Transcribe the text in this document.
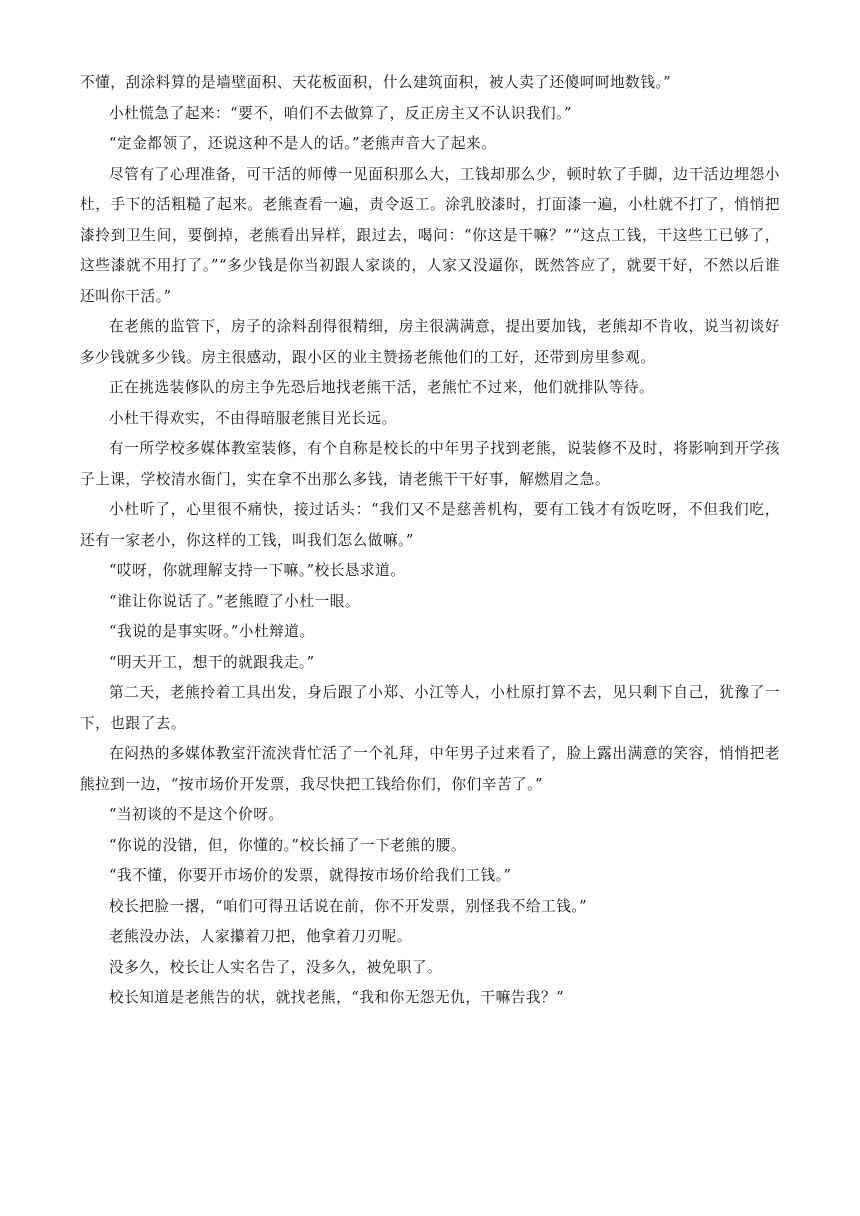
不懂，刮涂料算的是墙壁面积、天花板面积，什么建筑面积，被人卖了还傻呵呵地数钱。”

小杜慌急了起来：“要不，咱们不去做算了，反正房主又不认识我们。”

“定金都领了，还说这种不是人的话。”老熊声音大了起来。

尽管有了心理准备，可干活的师傅一见面积那么大，工钱却那么少，顿时软了手脚，边干活边埋怨小杜，手下的活粗糙了起来。老熊查看一遍，责令返工。涂乳胶漆时，打面漆一遍，小杜就不打了，悄悄把漆拎到卫生间，要倒掉，老熊看出异样，跟过去，喝问：“你这是干嘛？”“这点工钱，干这些工已够了，这些漆就不用打了。”“多少钱是你当初跟人家谈的，人家又没逼你，既然答应了，就要干好，不然以后谁还叫你干活。”

在老熊的监管下，房子的涂料刮得很精细，房主很满满意，提出要加钱，老熊却不肯收，说当初谈好多少钱就多少钱。房主很感动，跟小区的业主赞扬老熊他们的工好，还带到房里参观。

正在挑选装修队的房主争先恐后地找老熊干活，老熊忙不过来，他们就排队等待。

小杜干得欢实，不由得暗服老熊目光长远。

有一所学校多媒体教室装修，有个自称是校长的中年男子找到老熊，说装修不及时，将影响到开学孩子上课，学校清水衙门，实在拿不出那么多钱，请老熊干干好事，解燃眉之急。

小杜听了，心里很不痛快，接过话头：“我们又不是慈善机构，要有工钱才有饭吃呀，不但我们吃，还有一家老小，你这样的工钱，叫我们怎么做嘛。”

“哎呀，你就理解支持一下嘛。”校长恳求道。

“谁让你说话了。”老熊瞪了小杜一眼。

“我说的是事实呀。”小杜辩道。

“明天开工，想干的就跟我走。”

第二天，老熊拎着工具出发，身后跟了小郑、小江等人，小杜原打算不去，见只剩下自己，犹豫了一下，也跟了去。

在闷热的多媒体教室汗流浃背忙活了一个礼拜，中年男子过来看了，脸上露出满意的笑容，悄悄把老熊拉到一边，“按市场价开发票，我尽快把工钱给你们，你们辛苦了。”

“当初谈的不是这个价呀。

“你说的没错，但，你懂的。”校长捅了一下老熊的腰。

“我不懂，你要开市场价的发票，就得按市场价给我们工钱。”

校长把脸一撂，“咱们可得丑话说在前，你不开发票，别怪我不给工钱。”

老熊没办法，人家攥着刀把，他拿着刀刃呢。

没多久，校长让人实名告了，没多久，被免职了。

校长知道是老熊告的状，就找老熊，“我和你无怨无仇，干嘛告我？”
